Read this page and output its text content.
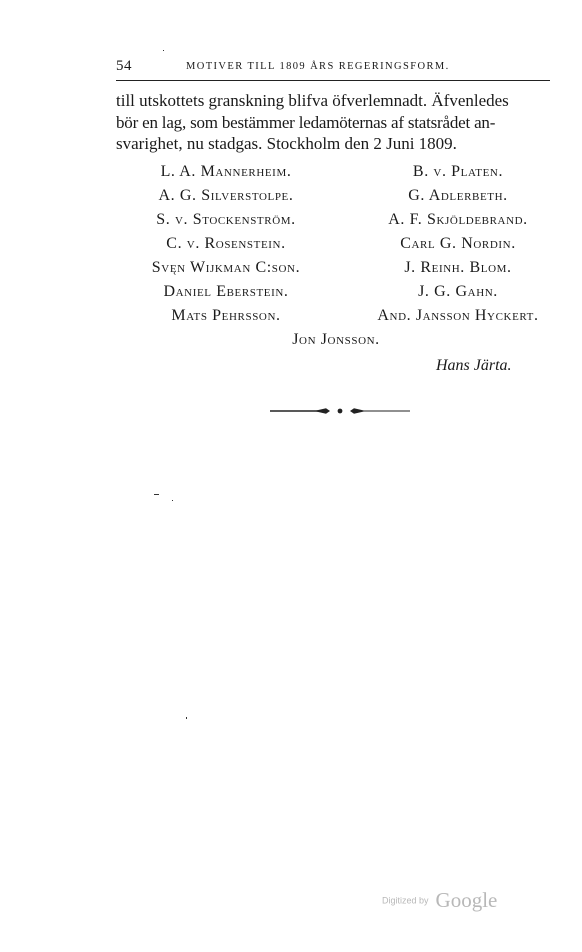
54	MOTIVER TILL 1809 ÅRS REGERINGSFORM.
till utskottets granskning blifva öfverlemnadt. Äfvenledes
bör en lag, som bestämmer ledamöternas af statsrådet an-
svarighet, nu stadgas. Stockholm den 2 Juni 1809.
L. A. Mannerheim.	B. v. Platen.
A. G. Silverstolpe.	G. Adlerbeth.
S. v. Stockenström.	A. F. Skjöldebrand.
C. v. Rosenstein.	Carl G. Nordin.
Svęn Wijkman C:son.	J. Reinh. Blom.
Daniel Eberstein.	J. G. Gahn.
Mats Pehrsson.	And. Jansson Hyckert.
Jon Jonsson.
Hans Järta.
Digitized by Google
